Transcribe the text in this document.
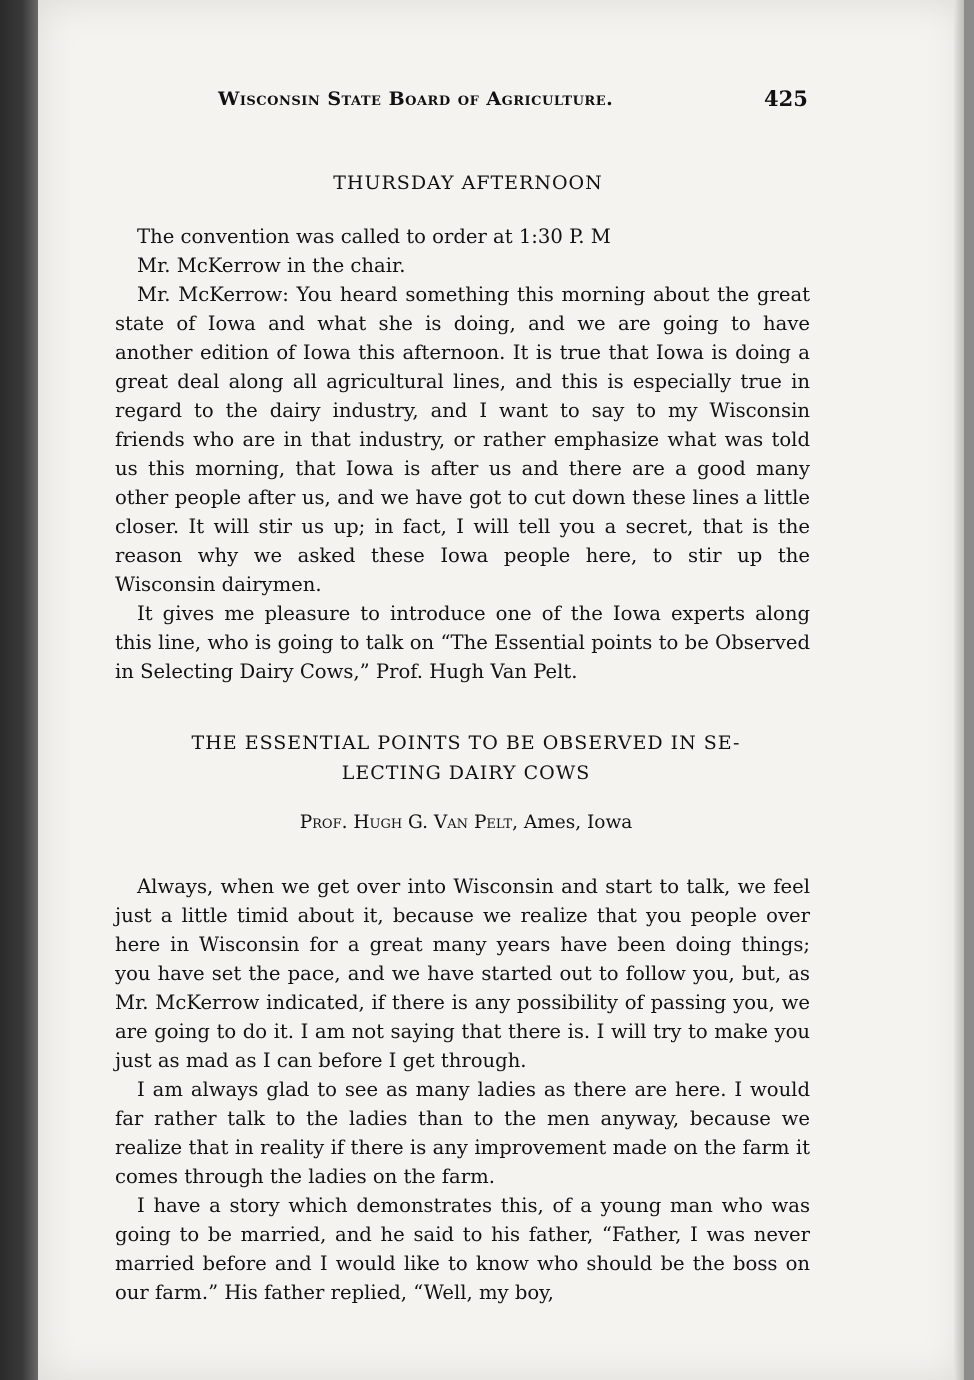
Wisconsin State Board of Agriculture.	425
THURSDAY AFTERNOON

The convention was called to order at 1:30 P. M

Mr. McKerrow in the chair.

Mr. McKerrow: You heard something this morning about the great state of Iowa and what she is doing, and we are going to have another edition of Iowa this afternoon. It is true that Iowa is doing a great deal along all agricultural lines, and this is especially true in regard to the dairy industry, and I want to say to my Wisconsin friends who are in that industry, or rather emphasize what was told us this morning, that Iowa is after us and there are a good many other people after us, and we have got to cut down these lines a little closer. It will stir us up; in fact, I will tell you a secret, that is the reason why we asked these Iowa people here, to stir up the Wisconsin dairymen.

It gives me pleasure to introduce one of the Iowa experts along this line, who is going to talk on “The Essential points to be Observed in Selecting Dairy Cows,” Prof. Hugh Van Pelt.

THE ESSENTIAL POINTS TO BE OBSERVED IN SE-
LECTING DAIRY COWS
Prof. Hugh G. Van Pelt, Ames, Iowa

Always, when we get over into Wisconsin and start to talk, we feel just a little timid about it, because we realize that you people over here in Wisconsin for a great many years have been doing things; you have set the pace, and we have started out to follow you, but, as Mr. McKerrow indicated, if there is any possibility of passing you, we are going to do it. I am not saying that there is. I will try to make you just as mad as I can before I get through.

I am always glad to see as many ladies as there are here. I would far rather talk to the ladies than to the men anyway, because we realize that in reality if there is any improvement made on the farm it comes through the ladies on the farm.

I have a story which demonstrates this, of a young man who was going to be married, and he said to his father, “Father, I was never married before and I would like to know who should be the boss on our farm.” His father replied, “Well, my boy,
